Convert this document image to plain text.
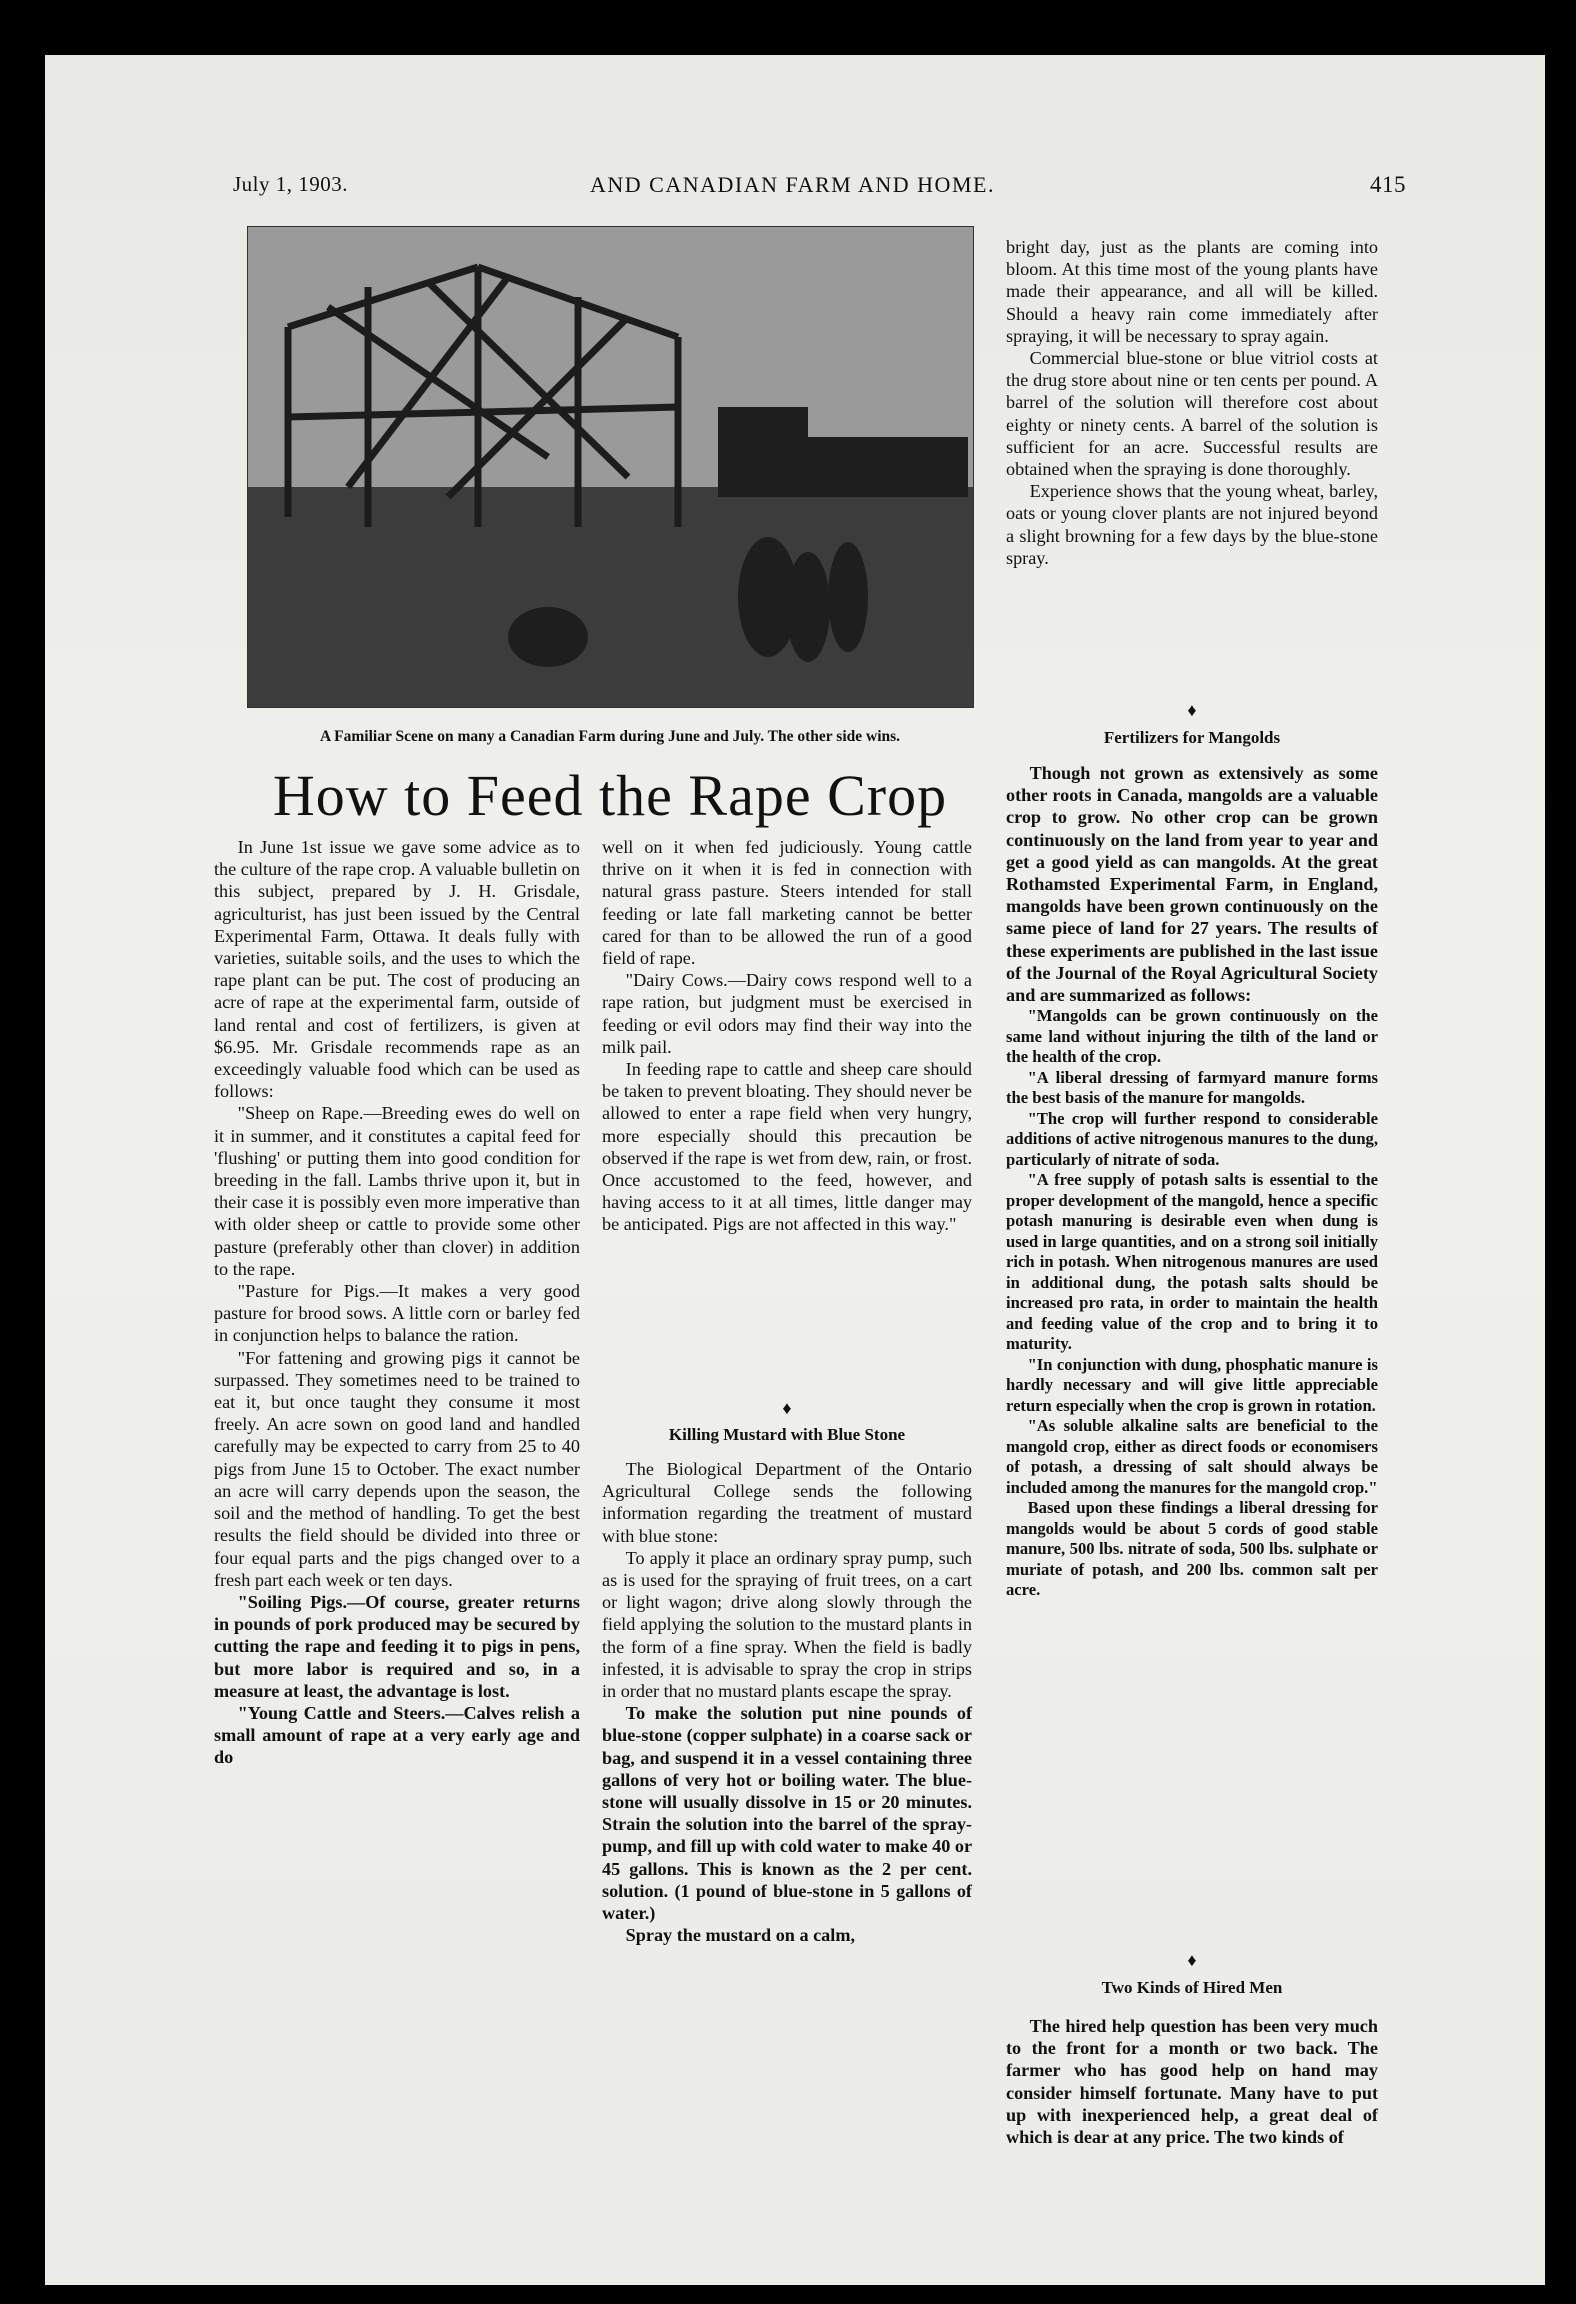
July 1, 1903.	AND CANADIAN FARM AND HOME.	415
A Familiar Scene on many a Canadian Farm during June and July. The other side wins.
How to Feed the Rape Crop

In June 1st issue we gave some advice as to the culture of the rape crop. A valuable bulletin on this subject, prepared by J. H. Grisdale, agriculturist, has just been issued by the Central Experimental Farm, Ottawa. It deals fully with varieties, suitable soils, and the uses to which the rape plant can be put. The cost of producing an acre of rape at the experimental farm, outside of land rental and cost of fertilizers, is given at $6.95. Mr. Grisdale recommends rape as an exceedingly valuable food which can be used as follows:

"Sheep on Rape.—Breeding ewes do well on it in summer, and it constitutes a capital feed for 'flushing' or putting them into good condition for breeding in the fall. Lambs thrive upon it, but in their case it is possibly even more imperative than with older sheep or cattle to provide some other pasture (preferably other than clover) in addition to the rape.

"Pasture for Pigs.—It makes a very good pasture for brood sows. A little corn or barley fed in conjunction helps to balance the ration.

"For fattening and growing pigs it cannot be surpassed. They sometimes need to be trained to eat it, but once taught they consume it most freely. An acre sown on good land and handled carefully may be expected to carry from 25 to 40 pigs from June 15 to October. The exact number an acre will carry depends upon the season, the soil and the method of handling. To get the best results the field should be divided into three or four equal parts and the pigs changed over to a fresh part each week or ten days.

"Soiling Pigs.—Of course, greater returns in pounds of pork produced may be secured by cutting the rape and feeding it to pigs in pens, but more labor is required and so, in a measure at least, the advantage is lost.

"Young Cattle and Steers.—Calves relish a small amount of rape at a very early age and do

well on it when fed judiciously. Young cattle thrive on it when it is fed in connection with natural grass pasture. Steers intended for stall feeding or late fall marketing cannot be better cared for than to be allowed the run of a good field of rape.

"Dairy Cows.—Dairy cows respond well to a rape ration, but judgment must be exercised in feeding or evil odors may find their way into the milk pail.

In feeding rape to cattle and sheep care should be taken to prevent bloating. They should never be allowed to enter a rape field when very hungry, more especially should this precaution be observed if the rape is wet from dew, rain, or frost. Once accustomed to the feed, however, and having access to it at all times, little danger may be anticipated. Pigs are not affected in this way."

♦
Killing Mustard with Blue Stone

The Biological Department of the Ontario Agricultural College sends the following information regarding the treatment of mustard with blue stone:

To apply it place an ordinary spray pump, such as is used for the spraying of fruit trees, on a cart or light wagon; drive along slowly through the field applying the solution to the mustard plants in the form of a fine spray. When the field is badly infested, it is advisable to spray the crop in strips in order that no mustard plants escape the spray.

To make the solution put nine pounds of blue-stone (copper sulphate) in a coarse sack or bag, and suspend it in a vessel containing three gallons of very hot or boiling water. The blue-stone will usually dissolve in 15 or 20 minutes. Strain the solution into the barrel of the spray-pump, and fill up with cold water to make 40 or 45 gallons. This is known as the 2 per cent. solution. (1 pound of blue-stone in 5 gallons of water.)

Spray the mustard on a calm,

bright day, just as the plants are coming into bloom. At this time most of the young plants have made their appearance, and all will be killed. Should a heavy rain come immediately after spraying, it will be necessary to spray again.

Commercial blue-stone or blue vitriol costs at the drug store about nine or ten cents per pound. A barrel of the solution will therefore cost about eighty or ninety cents. A barrel of the solution is sufficient for an acre. Successful results are obtained when the spraying is done thoroughly.

Experience shows that the young wheat, barley, oats or young clover plants are not injured beyond a slight browning for a few days by the blue-stone spray.

♦
Fertilizers for Mangolds

Though not grown as extensively as some other roots in Canada, mangolds are a valuable crop to grow. No other crop can be grown continuously on the land from year to year and get a good yield as can mangolds. At the great Rothamsted Experimental Farm, in England, mangolds have been grown continuously on the same piece of land for 27 years. The results of these experiments are published in the last issue of the Journal of the Royal Agricultural Society and are summarized as follows:

"Mangolds can be grown continuously on the same land without injuring the tilth of the land or the health of the crop.

"A liberal dressing of farmyard manure forms the best basis of the manure for mangolds.

"The crop will further respond to considerable additions of active nitrogenous manures to the dung, particularly of nitrate of soda.

"A free supply of potash salts is essential to the proper development of the mangold, hence a specific potash manuring is desirable even when dung is used in large quantities, and on a strong soil initially rich in potash. When nitrogenous manures are used in additional dung, the potash salts should be increased pro rata, in order to maintain the health and feeding value of the crop and to bring it to maturity.

"In conjunction with dung, phosphatic manure is hardly necessary and will give little appreciable return especially when the crop is grown in rotation.

"As soluble alkaline salts are beneficial to the mangold crop, either as direct foods or economisers of potash, a dressing of salt should always be included among the manures for the mangold crop."

Based upon these findings a liberal dressing for mangolds would be about 5 cords of good stable manure, 500 lbs. nitrate of soda, 500 lbs. sulphate or muriate of potash, and 200 lbs. common salt per acre.

♦
Two Kinds of Hired Men

The hired help question has been very much to the front for a month or two back. The farmer who has good help on hand may consider himself fortunate. Many have to put up with inexperienced help, a great deal of which is dear at any price. The two kinds of
